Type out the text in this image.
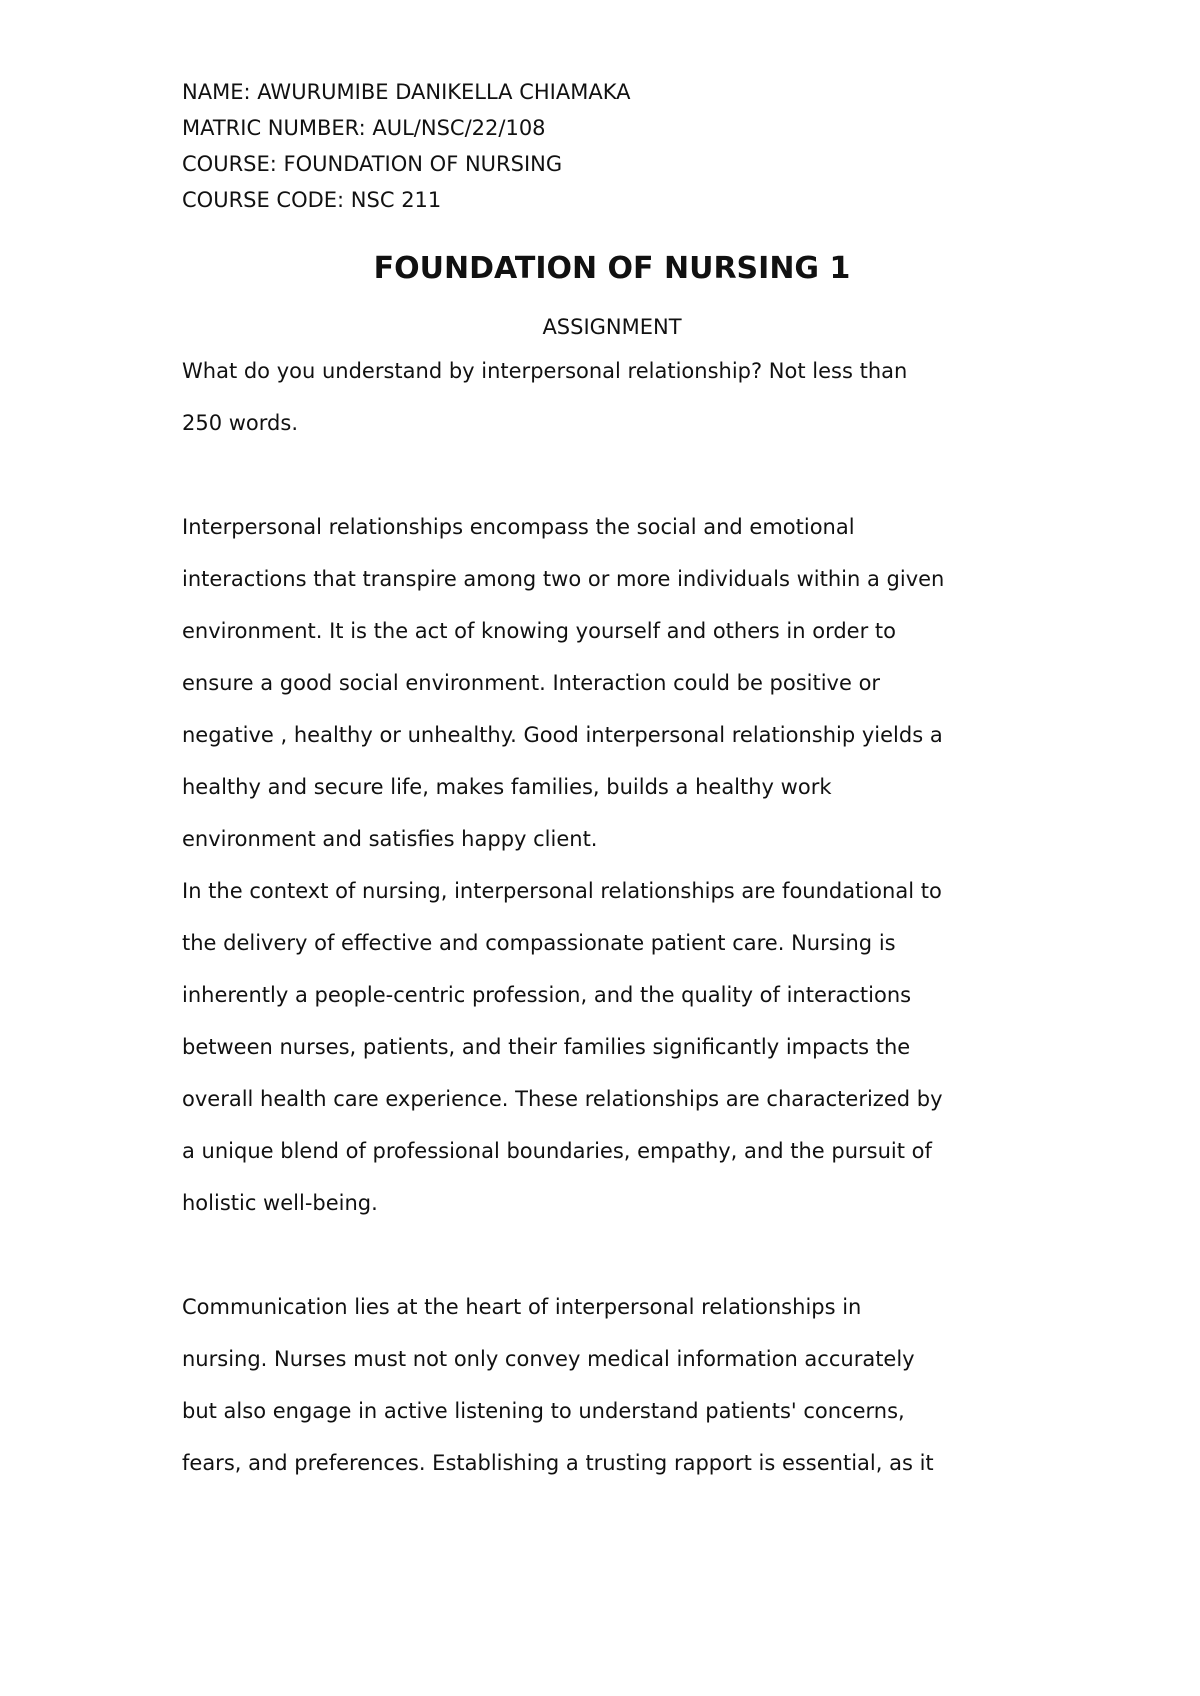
NAME: AWURUMIBE DANIKELLA CHIAMAKA
MATRIC NUMBER: AUL/NSC/22/108
COURSE: FOUNDATION OF NURSING
COURSE CODE: NSC 211
FOUNDATION OF NURSING 1
ASSIGNMENT
What do you understand by interpersonal relationship? Not less than
250 words.
Interpersonal relationships encompass the social and emotional
interactions that transpire among two or more individuals within a given
environment. It is the act of knowing yourself and others in order to
ensure a good social environment. Interaction could be positive or
negative , healthy or unhealthy. Good interpersonal relationship yields a
healthy and secure life, makes families, builds a healthy work
environment and satisfies happy client.
In the context of nursing, interpersonal relationships are foundational to
the delivery of effective and compassionate patient care. Nursing is
inherently a people-centric profession, and the quality of interactions
between nurses, patients, and their families significantly impacts the
overall health care experience. These relationships are characterized by
a unique blend of professional boundaries, empathy, and the pursuit of
holistic well-being.
Communication lies at the heart of interpersonal relationships in
nursing. Nurses must not only convey medical information accurately
but also engage in active listening to understand patients' concerns,
fears, and preferences. Establishing a trusting rapport is essential, as it
